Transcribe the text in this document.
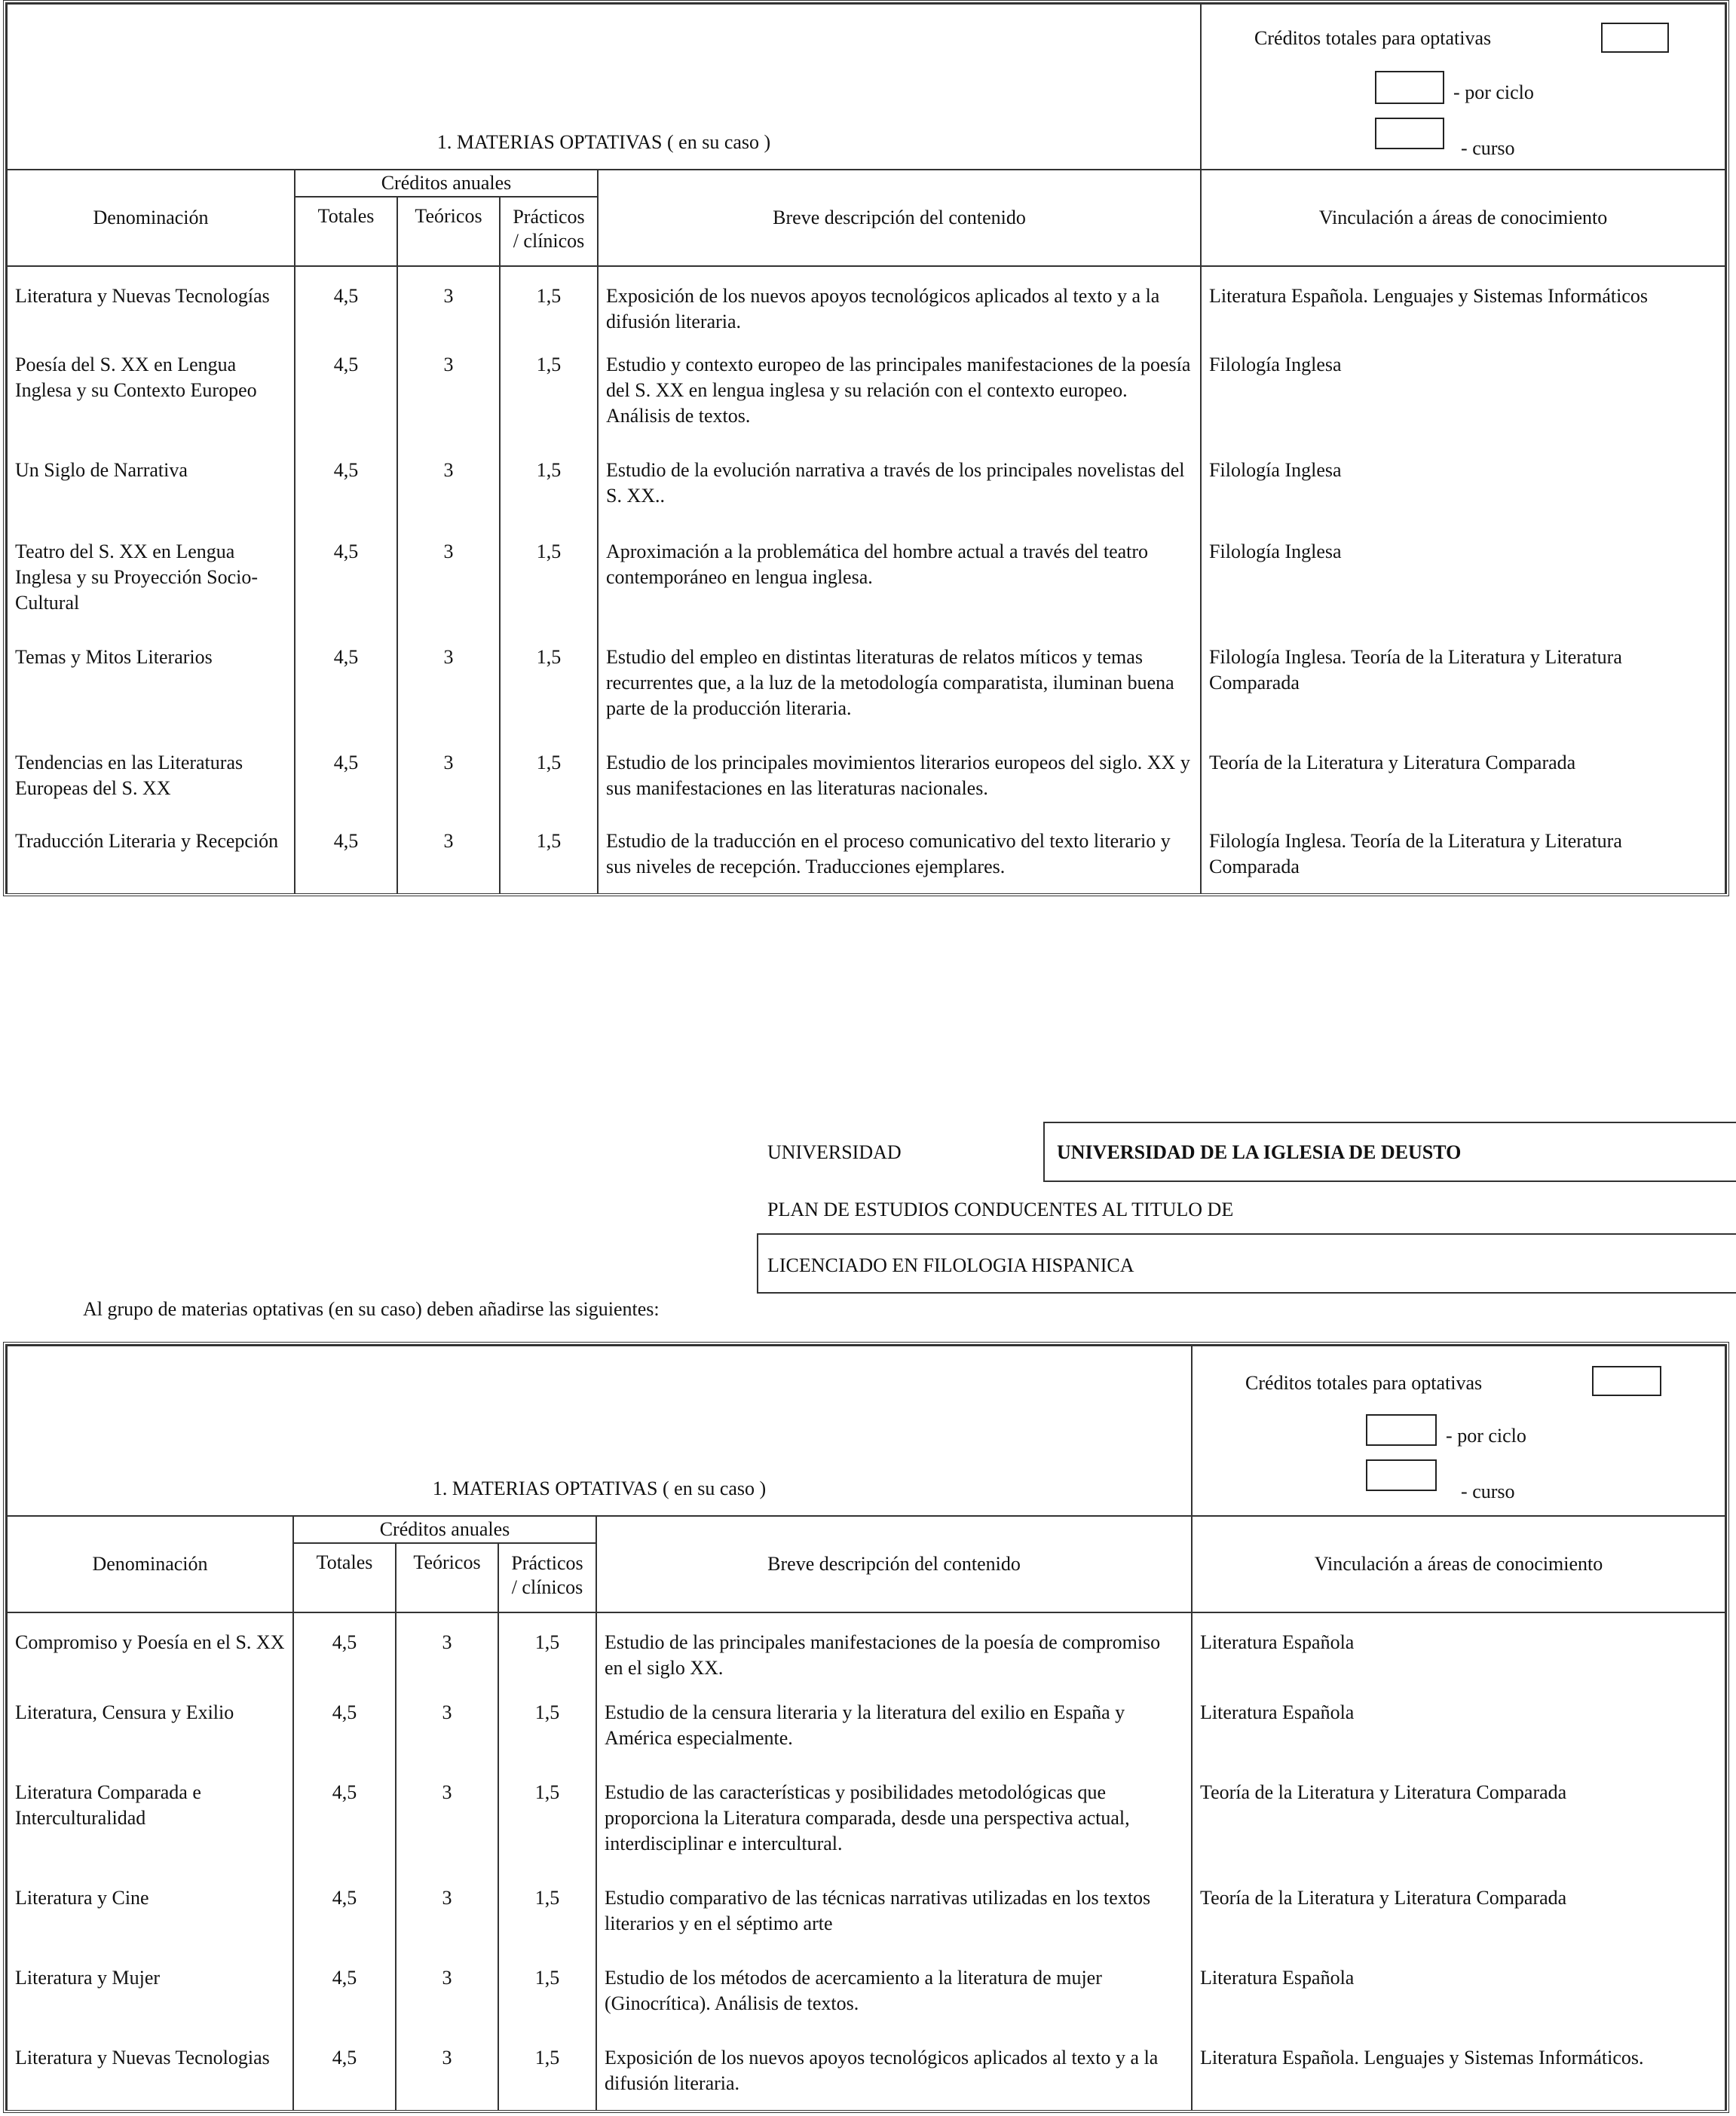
1. MATERIAS OPTATIVAS ( en su caso )					Créditos totales para optativas
- por ciclo
- curso

Denominación	Créditos anuales			Breve descripción del contenido	Vinculación a áreas de conocimiento
	Totales	Teóricos	Prácticos
/ clínicos		

Literatura y Nuevas Tecnologías	4,5	3	1,5	Exposición de los nuevos apoyos tecnológicos aplicados al texto y a la difusión literaria.	Literatura Española. Lenguajes y Sistemas Informáticos
Poesía del S. XX en Lengua Inglesa y su Contexto Europeo	4,5	3	1,5	Estudio y contexto europeo de las principales manifestaciones de la poesía del S. XX en lengua inglesa y su relación con el contexto europeo. Análisis de textos.	Filología Inglesa
Un Siglo de Narrativa	4,5	3	1,5	Estudio de la evolución narrativa a través de los principales novelistas del S. XX..	Filología Inglesa
Teatro del S. XX en Lengua Inglesa y su Proyección Socio-Cultural	4,5	3	1,5	Aproximación a la problemática del hombre actual a través del teatro contemporáneo en lengua inglesa.	Filología Inglesa
Temas y Mitos Literarios	4,5	3	1,5	Estudio del empleo en distintas literaturas de relatos míticos y temas recurrentes que, a la luz de la metodología comparatista, iluminan buena parte de la producción literaria.	Filología Inglesa. Teoría de la Literatura y Literatura Comparada
Tendencias en las Literaturas Europeas del S. XX	4,5	3	1,5	Estudio de los principales movimientos literarios europeos del siglo. XX y sus manifestaciones en las literaturas nacionales.	Teoría de la Literatura y Literatura Comparada
Traducción Literaria y Recepción	4,5	3	1,5	Estudio de la traducción en el proceso comunicativo del texto literario y sus niveles de recepción. Traducciones ejemplares.	Filología Inglesa. Teoría de la Literatura y Literatura Comparada
UNIVERSIDAD	UNIVERSIDAD DE LA IGLESIA DE DEUSTO
PLAN DE ESTUDIOS CONDUCENTES AL TITULO DE
LICENCIADO EN FILOLOGIA HISPANICA
Al grupo de materias optativas (en su caso) deben añadirse las siguientes:
1. MATERIAS OPTATIVAS ( en su caso )					Créditos totales para optativas
- por ciclo
- curso

Denominación	Créditos anuales			Breve descripción del contenido	Vinculación a áreas de conocimiento
	Totales	Teóricos	Prácticos
/ clínicos		

Compromiso y Poesía en el S. XX	4,5	3	1,5	Estudio de las principales manifestaciones de la poesía de compromiso en el siglo XX.	Literatura Española
Literatura, Censura y Exilio	4,5	3	1,5	Estudio de la censura literaria y la literatura del exilio en España y América especialmente.	Literatura Española
Literatura Comparada e Interculturalidad	4,5	3	1,5	Estudio de las características y posibilidades metodológicas que proporciona la Literatura comparada, desde una perspectiva actual, interdisciplinar e intercultural.	Teoría de la Literatura y Literatura Comparada
Literatura y Cine	4,5	3	1,5	Estudio comparativo de las técnicas narrativas utilizadas en los textos literarios y en el séptimo arte	Teoría de la Literatura y Literatura Comparada
Literatura y Mujer	4,5	3	1,5	Estudio de los métodos de acercamiento a la literatura de mujer (Ginocrítica). Análisis de textos.	Literatura Española
Literatura y Nuevas Tecnologias	4,5	3	1,5	Exposición de los nuevos apoyos tecnológicos aplicados al texto y a la difusión literaria.	Literatura Española. Lenguajes y Sistemas Informáticos.
